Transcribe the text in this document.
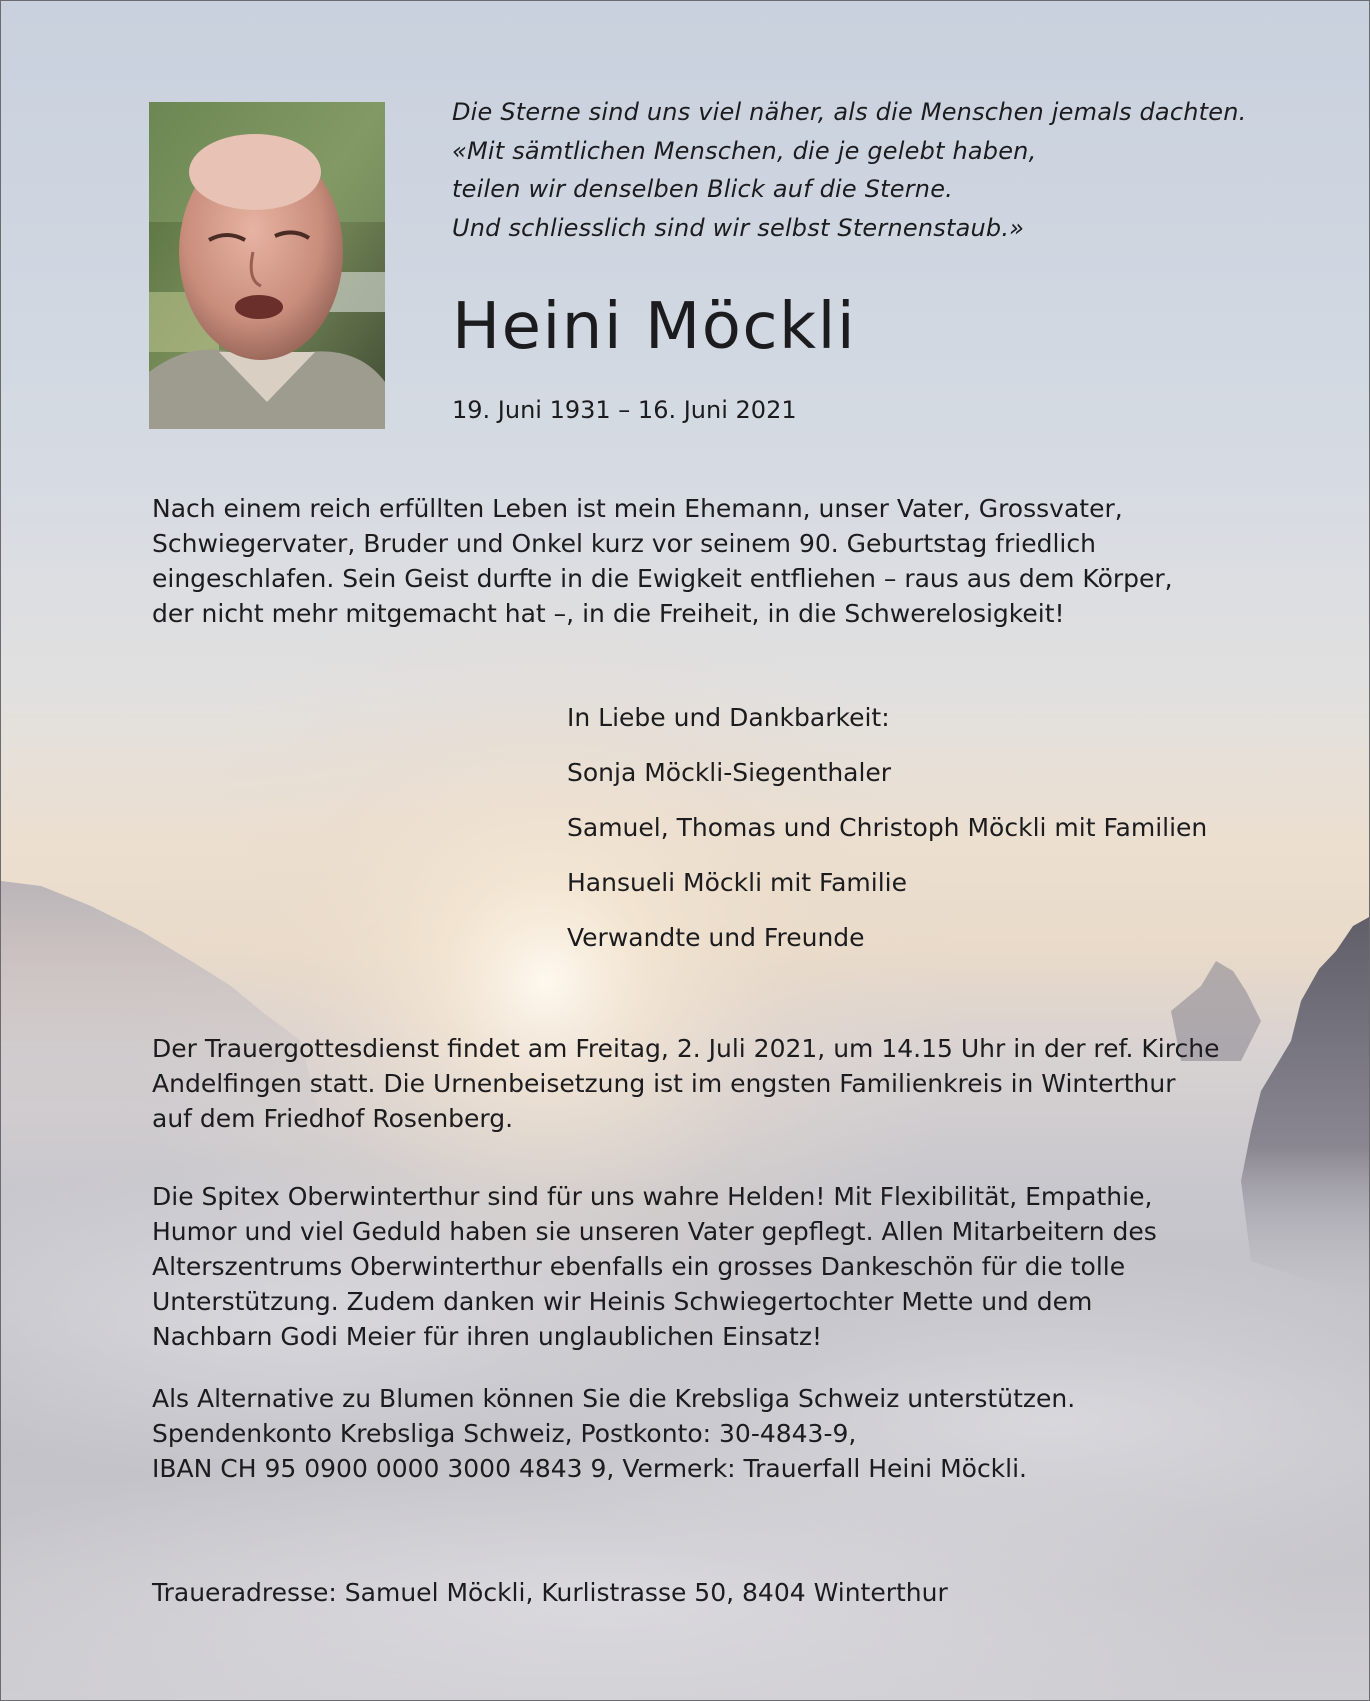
Die Sterne sind uns viel näher, als die Menschen jemals dachten.
«Mit sämtlichen Menschen, die je gelebt haben,
teilen wir denselben Blick auf die Sterne.
Und schliesslich sind wir selbst Sternenstaub.»
Heini Möckli
19. Juni 1931 – 16. Juni 2021
Nach einem reich erfüllten Leben ist mein Ehemann, unser Vater, Grossvater,
Schwiegervater, Bruder und Onkel kurz vor seinem 90. Geburtstag friedlich
eingeschlafen. Sein Geist durfte in die Ewigkeit entfliehen – raus aus dem Körper,
der nicht mehr mitgemacht hat –, in die Freiheit, in die Schwerelosigkeit!
In Liebe und Dankbarkeit:
Sonja Möckli-Siegenthaler
Samuel, Thomas und Christoph Möckli mit Familien
Hansueli Möckli mit Familie
Verwandte und Freunde
Der Trauergottesdienst findet am Freitag, 2. Juli 2021, um 14.15 Uhr in der ref. Kirche
Andelfingen statt. Die Urnenbeisetzung ist im engsten Familienkreis in Winterthur
auf dem Friedhof Rosenberg.
Die Spitex Oberwinterthur sind für uns wahre Helden! Mit Flexibilität, Empathie,
Humor und viel Geduld haben sie unseren Vater gepflegt. Allen Mitarbeitern des
Alterszentrums Oberwinterthur ebenfalls ein grosses Dankeschön für die tolle
Unterstützung. Zudem danken wir Heinis Schwiegertochter Mette und dem
Nachbarn Godi Meier für ihren unglaublichen Einsatz!
Als Alternative zu Blumen können Sie die Krebsliga Schweiz unterstützen.
Spendenkonto Krebsliga Schweiz, Postkonto: 30-4843-9,
IBAN CH 95 0900 0000 3000 4843 9, Vermerk: Trauerfall Heini Möckli.
Traueradresse: Samuel Möckli, Kurlistrasse 50, 8404 Winterthur
